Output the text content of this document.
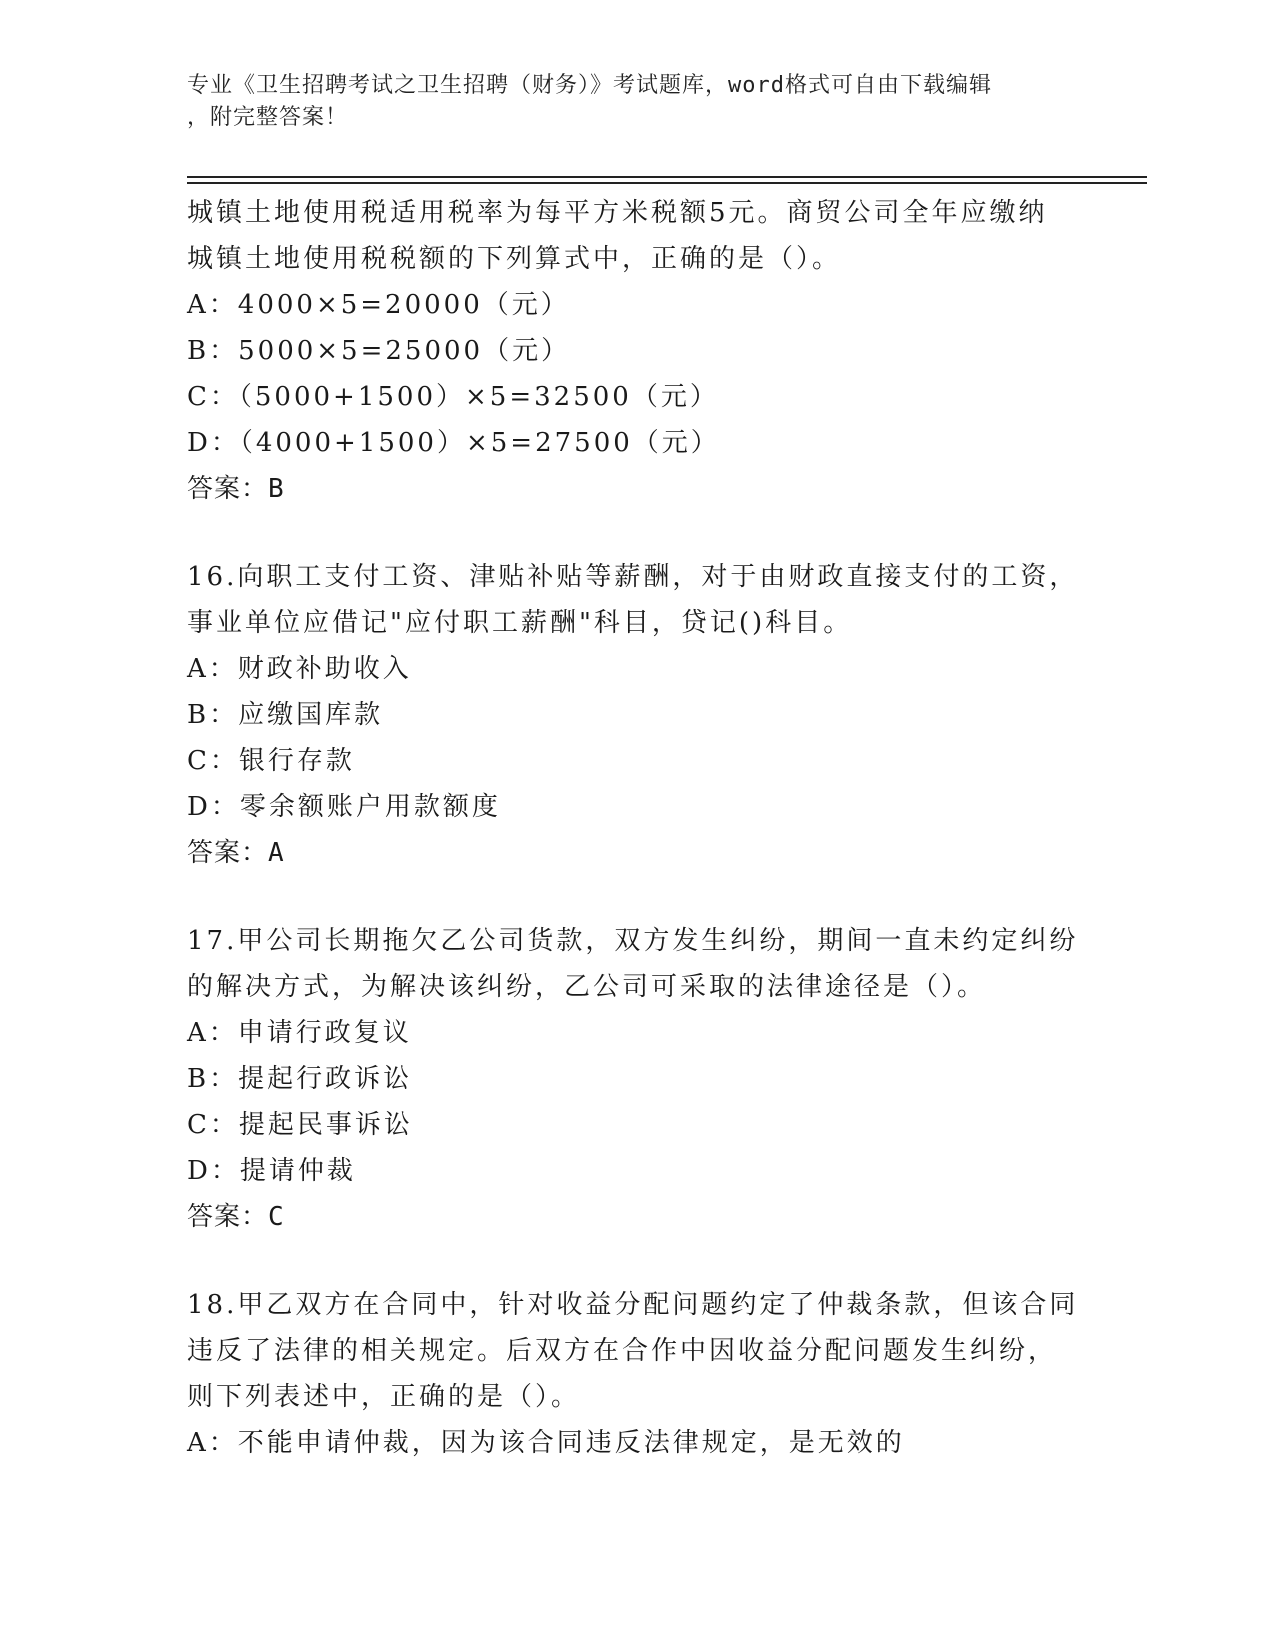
专业《卫生招聘考试之卫生招聘（财务）》考试题库，word格式可自由下载编辑
，附完整答案！
城镇土地使用税适用税率为每平方米税额5元。商贸公司全年应缴纳
城镇土地使用税税额的下列算式中，正确的是（）。
A：4000×5=20000（元）
B：5000×5=25000（元）
C：（5000+1500）×5=32500（元）
D：（4000+1500）×5=27500（元）
答案：B
16.向职工支付工资、津贴补贴等薪酬，对于由财政直接支付的工资，
事业单位应借记"应付职工薪酬"科目，贷记()科目。
A：财政补助收入
B：应缴国库款
C：银行存款
D：零余额账户用款额度
答案：A
17.甲公司长期拖欠乙公司货款，双方发生纠纷，期间一直未约定纠纷
的解决方式，为解决该纠纷，乙公司可采取的法律途径是（）。
A：申请行政复议
B：提起行政诉讼
C：提起民事诉讼
D：提请仲裁
答案：C
18.甲乙双方在合同中，针对收益分配问题约定了仲裁条款，但该合同
违反了法律的相关规定。后双方在合作中因收益分配问题发生纠纷，
则下列表述中，正确的是（）。
A：不能申请仲裁，因为该合同违反法律规定，是无效的
